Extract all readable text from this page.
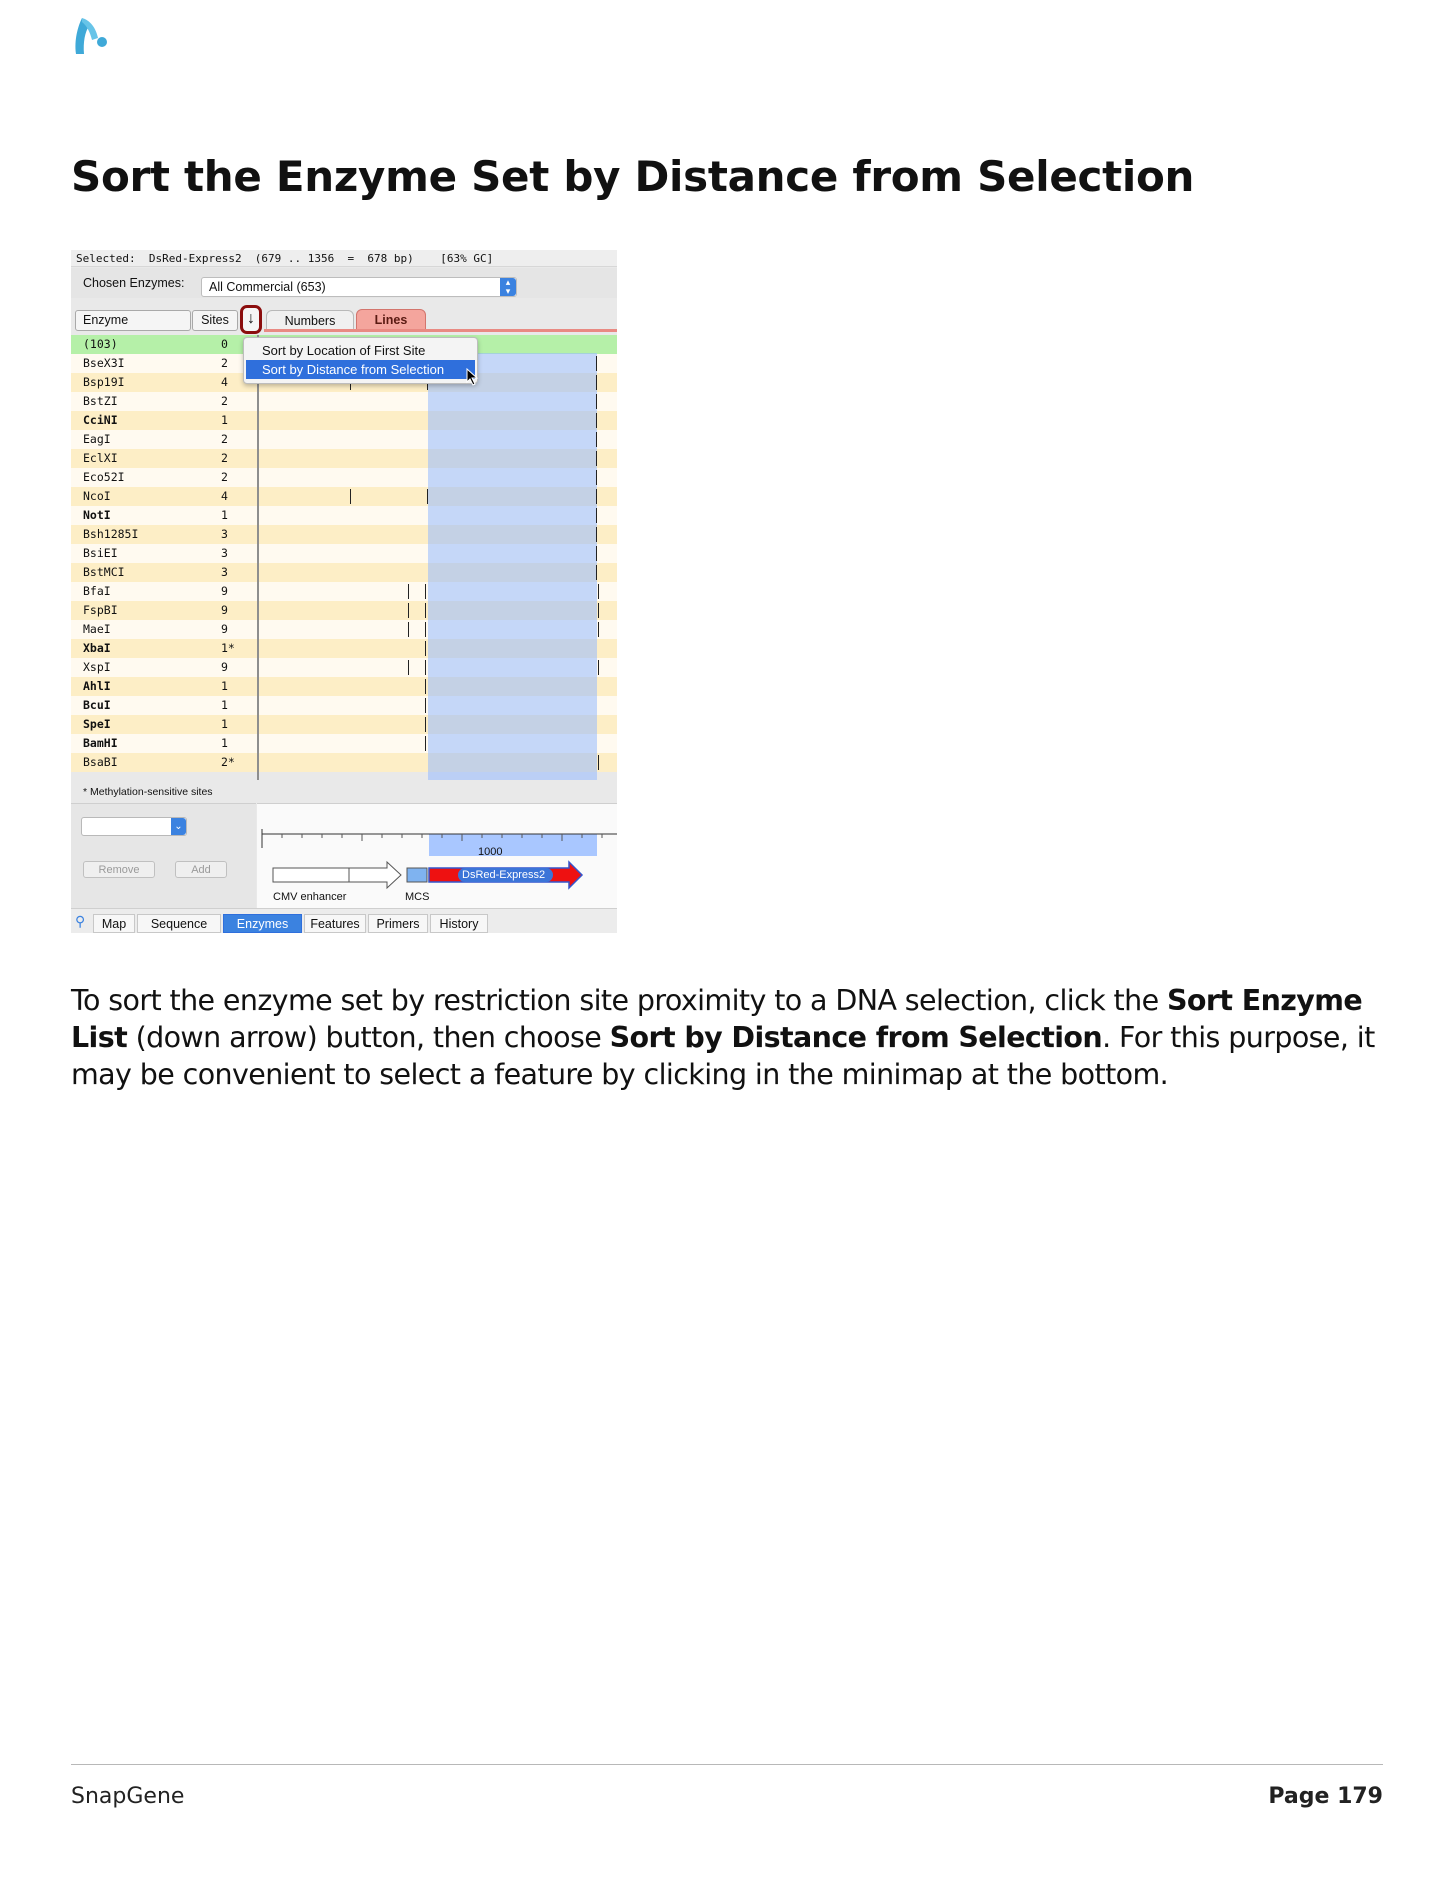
Sort the Enzyme Set by Distance from Selection
Selected:  DsRed-Express2  (679 .. 1356  =  678 bp)    [63% GC]
Chosen Enzymes: All Commercial (653)	▴
▾
Enzyme	Sites	↓	Numbers	Lines
(103)	0
BseX3I	2
Bsp19I	4
BstZI	2
CciNI	1
EagI	2
EclXI	2
Eco52I	2
NcoI	4
NotI	1
Bsh1285I	3
BsiEI	3
BstMCI	3
BfaI	9
FspBI	9
MaeI	9
XbaI	1*
XspI	9
AhlI	1
BcuI	1
SpeI	1
BamHI	1
BsaBI	2*
Sort by Location of First Site
Sort by Distance from Selection
* Methylation-sensitive sites
⌄
Remove	Add
1000
DsRed-Express2
CMV enhancer	MCS
⚲	Map	Sequence	Enzymes	Features	Primers	History

To sort the enzyme set by restriction site proximity to a DNA selection, click the Sort Enzyme List (down arrow) button, then choose Sort by Distance from Selection. For this purpose, it may be convenient to select a feature by clicking in the minimap at the bottom.

SnapGene	Page 179
